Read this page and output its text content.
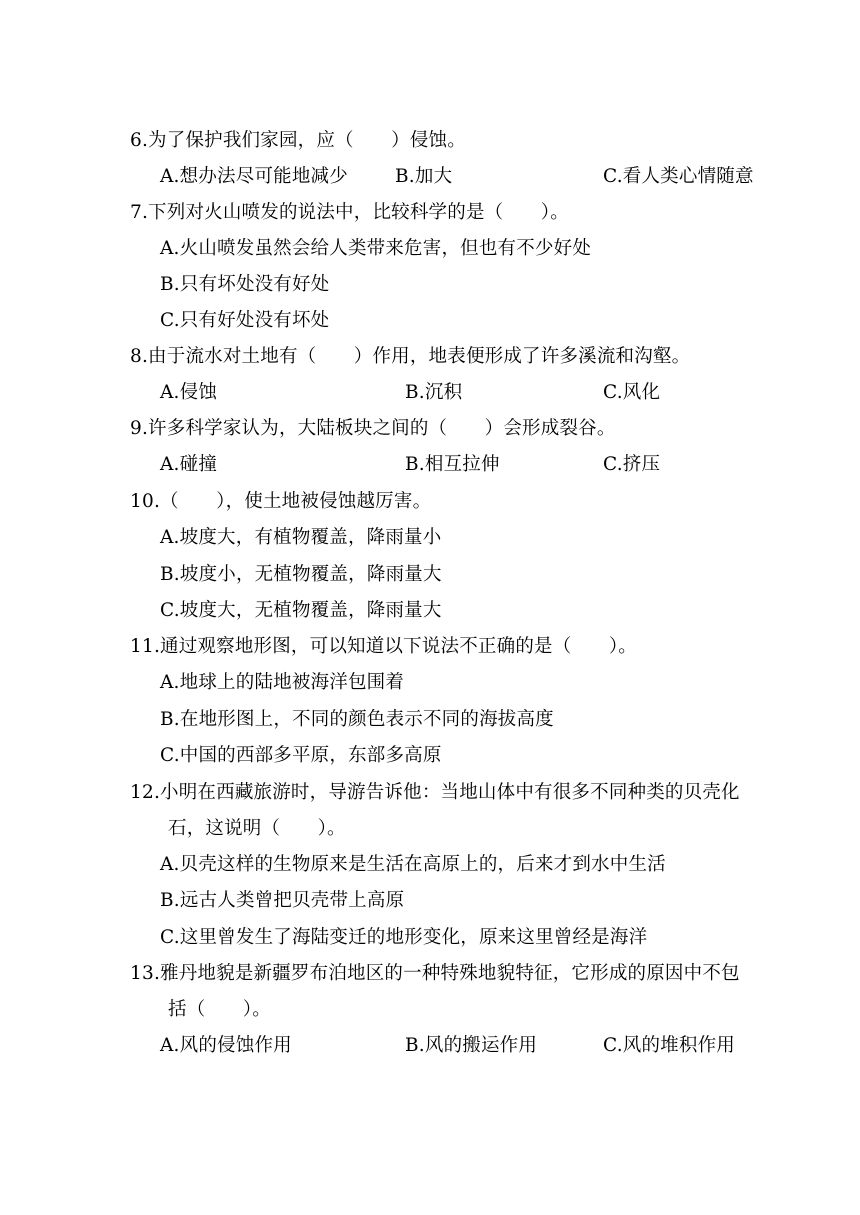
6.为了保护我们家园，应（　　）侵蚀。
A.想办法尽可能地减少	B.加大	C.看人类心情随意
7.下列对火山喷发的说法中，比较科学的是（　　）。
A.火山喷发虽然会给人类带来危害，但也有不少好处
B.只有坏处没有好处
C.只有好处没有坏处
8.由于流水对土地有（　　）作用，地表便形成了许多溪流和沟壑。
A.侵蚀	B.沉积	C.风化
9.许多科学家认为，大陆板块之间的（　　）会形成裂谷。
A.碰撞	B.相互拉伸	C.挤压
10.（　　），使土地被侵蚀越厉害。
A.坡度大，有植物覆盖，降雨量小
B.坡度小，无植物覆盖，降雨量大
C.坡度大，无植物覆盖，降雨量大
11.通过观察地形图，可以知道以下说法不正确的是（　　）。
A.地球上的陆地被海洋包围着
B.在地形图上，不同的颜色表示不同的海拔高度
C.中国的西部多平原，东部多高原
12.小明在西藏旅游时，导游告诉他：当地山体中有很多不同种类的贝壳化
石，这说明（　　）。
A.贝壳这样的生物原来是生活在高原上的，后来才到水中生活
B.远古人类曾把贝壳带上高原
C.这里曾发生了海陆变迁的地形变化，原来这里曾经是海洋
13.雅丹地貌是新疆罗布泊地区的一种特殊地貌特征，它形成的原因中不包
括（　　）。
A.风的侵蚀作用	B.风的搬运作用	C.风的堆积作用
